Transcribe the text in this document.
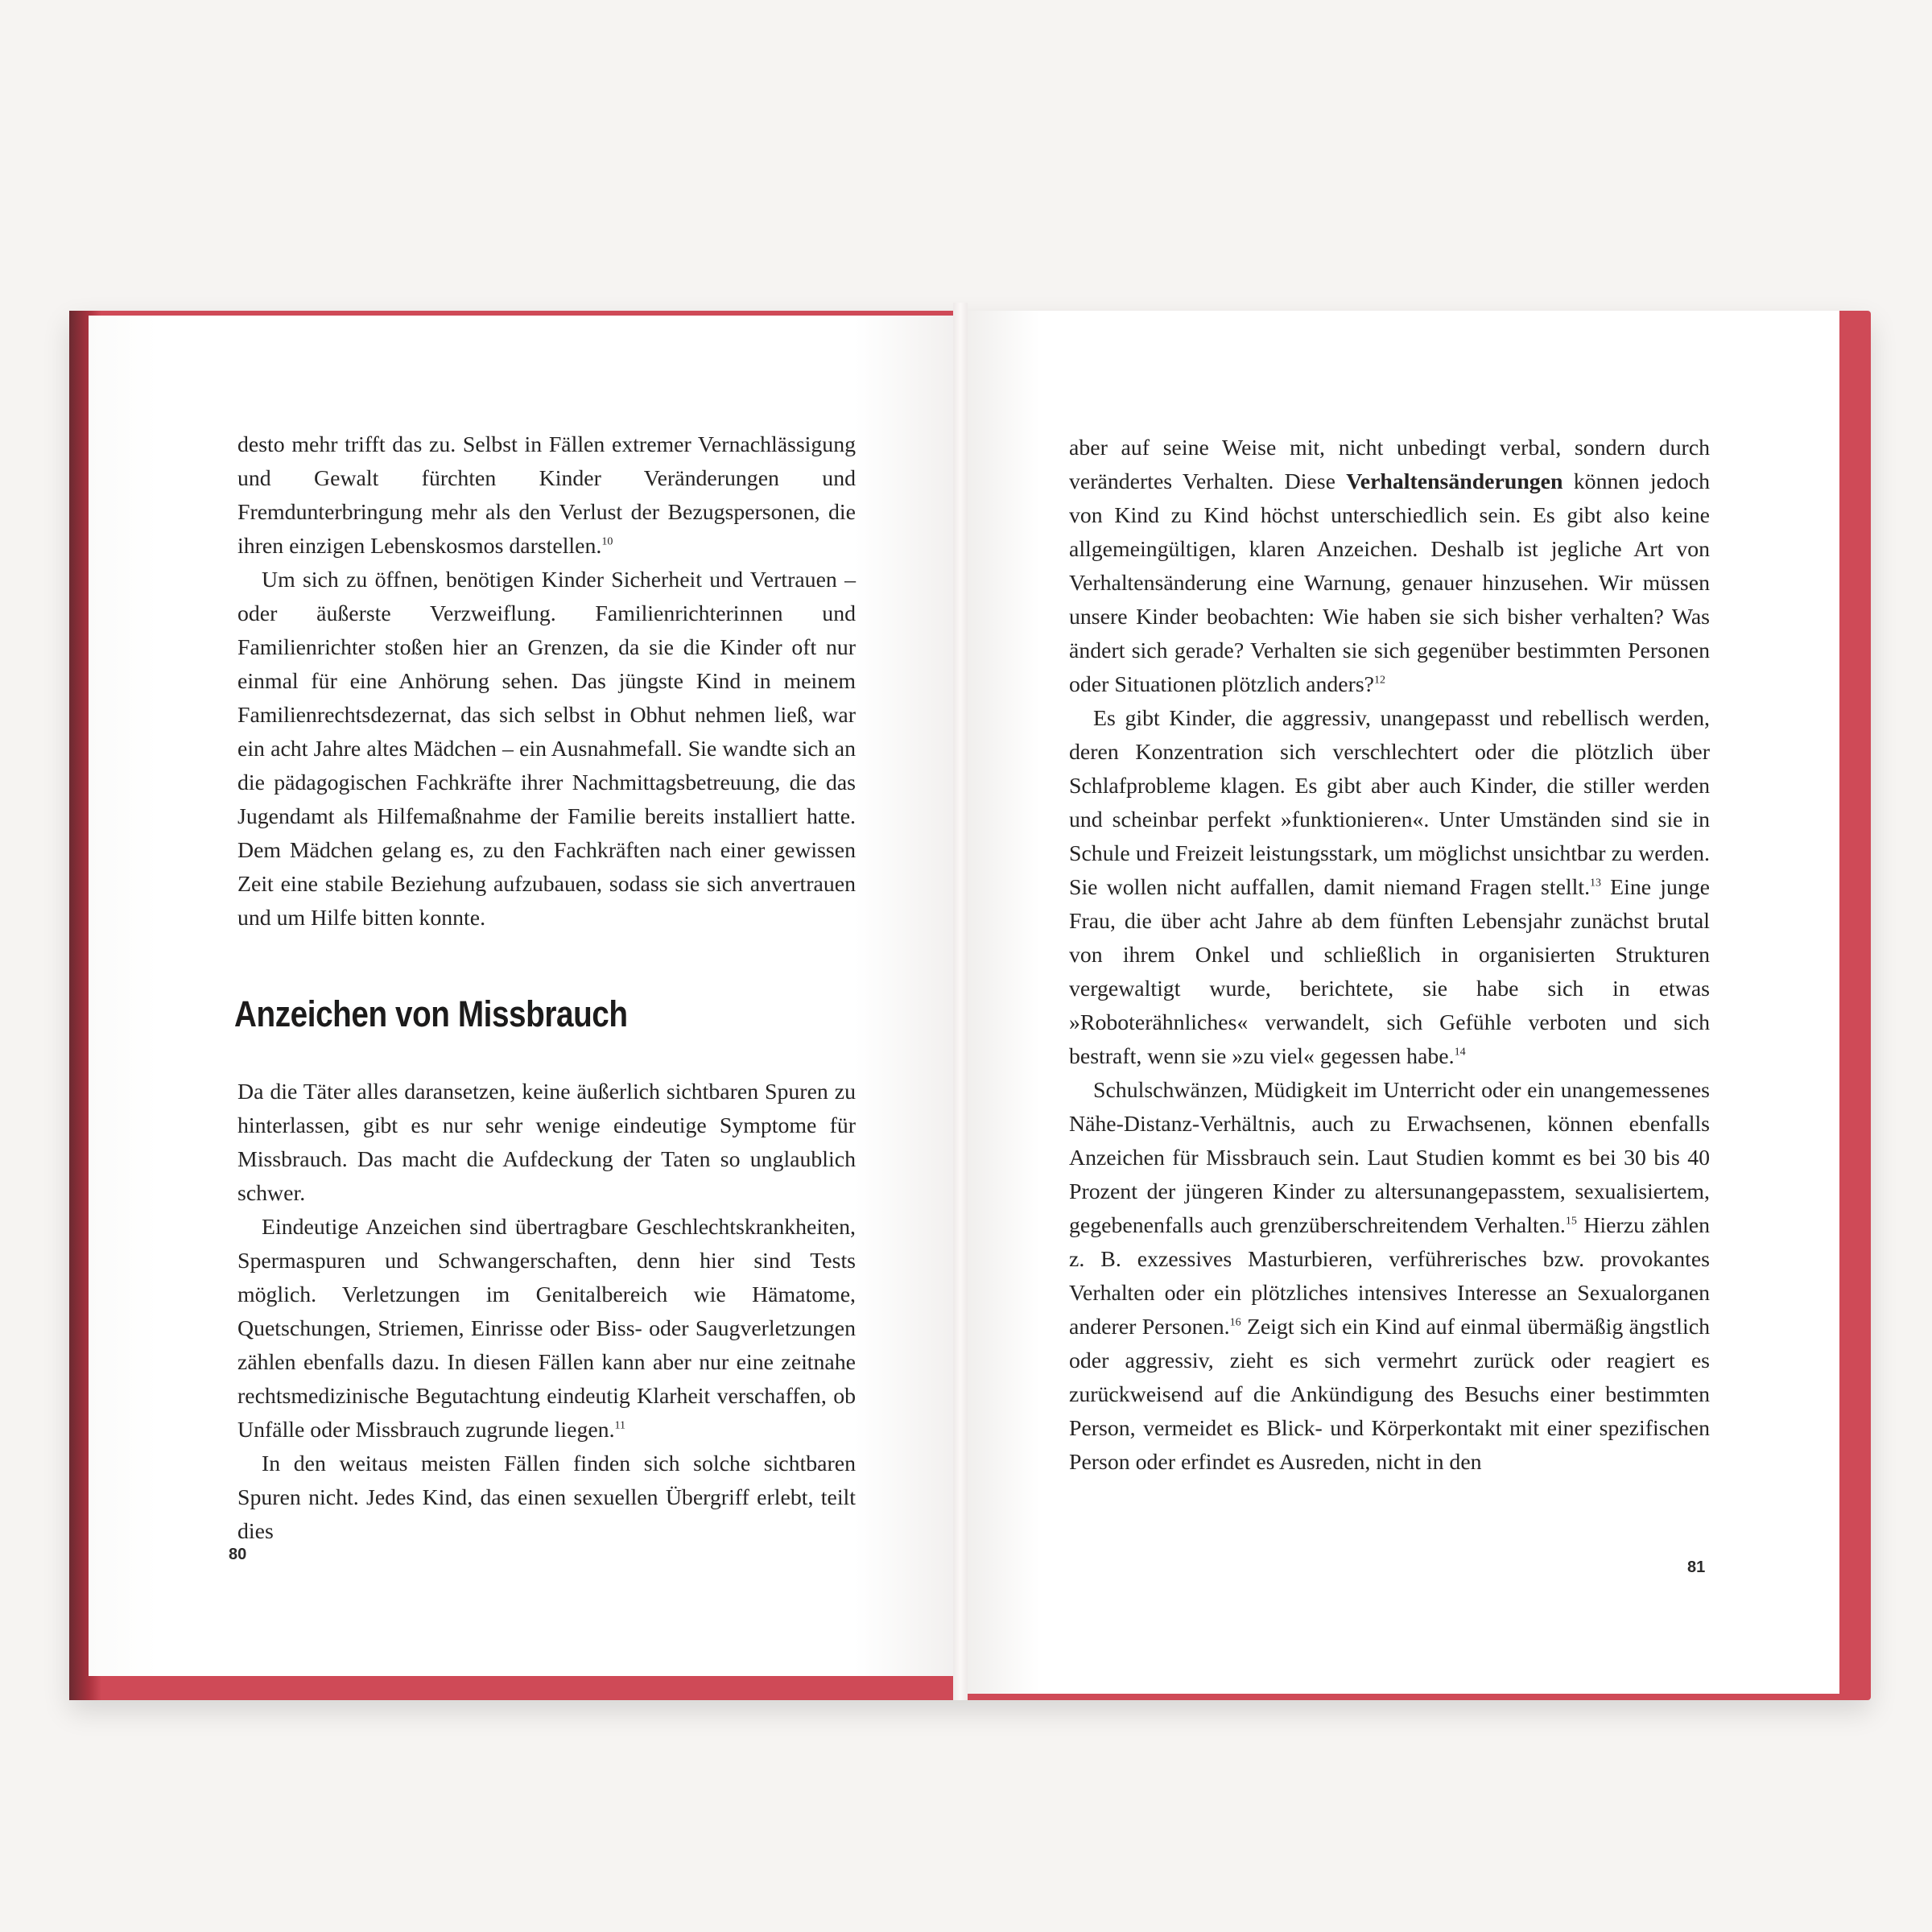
desto mehr trifft das zu. Selbst in Fällen extremer Vernachlässigung und Gewalt fürchten Kinder Veränderungen und Fremdunterbringung mehr als den Verlust der Bezugspersonen, die ihren einzigen Lebenskosmos darstellen.$^{10}$

Um sich zu öffnen, benötigen Kinder Sicherheit und Vertrauen – oder äußerste Verzweiflung. Familienrichterinnen und Familienrichter stoßen hier an Grenzen, da sie die Kinder oft nur einmal für eine Anhörung sehen. Das jüngste Kind in meinem Familienrechtsdezernat, das sich selbst in Obhut nehmen ließ, war ein acht Jahre altes Mädchen – ein Ausnahmefall. Sie wandte sich an die pädagogischen Fachkräfte ihrer Nachmittagsbetreuung, die das Jugendamt als Hilfemaßnahme der Familie bereits installiert hatte. Dem Mädchen gelang es, zu den Fachkräften nach einer gewissen Zeit eine stabile Beziehung aufzubauen, sodass sie sich anvertrauen und um Hilfe bitten konnte.

Anzeichen von Missbrauch

Da die Täter alles daransetzen, keine äußerlich sichtbaren Spuren zu hinterlassen, gibt es nur sehr wenige eindeutige Symptome für Missbrauch. Das macht die Aufdeckung der Taten so unglaublich schwer.

Eindeutige Anzeichen sind übertragbare Geschlechtskrankheiten, Spermaspuren und Schwangerschaften, denn hier sind Tests möglich. Verletzungen im Genitalbereich wie Hämatome, Quetschungen, Striemen, Einrisse oder Biss- oder Saugverletzungen zählen ebenfalls dazu. In diesen Fällen kann aber nur eine zeitnahe rechtsmedizinische Begutachtung eindeutig Klarheit verschaffen, ob Unfälle oder Missbrauch zugrunde liegen.$^{11}$

In den weitaus meisten Fällen finden sich solche sichtbaren Spuren nicht. Jedes Kind, das einen sexuellen Übergriff erlebt, teilt dies

80

aber auf seine Weise mit, nicht unbedingt verbal, sondern durch verändertes Verhalten. Diese Verhaltensänderungen können jedoch von Kind zu Kind höchst unterschiedlich sein. Es gibt also keine allgemeingültigen, klaren Anzeichen. Deshalb ist jegliche Art von Verhaltensänderung eine Warnung, genauer hinzusehen. Wir müssen unsere Kinder beobachten: Wie haben sie sich bisher verhalten? Was ändert sich gerade? Verhalten sie sich gegenüber bestimmten Personen oder Situationen plötzlich anders?$^{12}$

Es gibt Kinder, die aggressiv, unangepasst und rebellisch werden, deren Konzentration sich verschlechtert oder die plötzlich über Schlafprobleme klagen. Es gibt aber auch Kinder, die stiller werden und scheinbar perfekt »funktionieren«. Unter Umständen sind sie in Schule und Freizeit leistungsstark, um möglichst unsichtbar zu werden. Sie wollen nicht auffallen, damit niemand Fragen stellt.$^{13}$ Eine junge Frau, die über acht Jahre ab dem fünften Lebensjahr zunächst brutal von ihrem Onkel und schließlich in organisierten Strukturen vergewaltigt wurde, berichtete, sie habe sich in etwas »Roboterähnliches« verwandelt, sich Gefühle verboten und sich bestraft, wenn sie »zu viel« gegessen habe.$^{14}$

Schulschwänzen, Müdigkeit im Unterricht oder ein unangemessenes Nähe-Distanz-Verhältnis, auch zu Erwachsenen, können ebenfalls Anzeichen für Missbrauch sein. Laut Studien kommt es bei 30 bis 40 Prozent der jüngeren Kinder zu altersunangepasstem, sexualisiertem, gegebenenfalls auch grenzüberschreitendem Verhalten.$^{15}$ Hierzu zählen z. B. exzessives Masturbieren, verführerisches bzw. provokantes Verhalten oder ein plötzliches intensives Interesse an Sexualorganen anderer Personen.$^{16}$ Zeigt sich ein Kind auf einmal übermäßig ängstlich oder aggressiv, zieht es sich vermehrt zurück oder reagiert es zurückweisend auf die Ankündigung des Besuchs einer bestimmten Person, vermeidet es Blick- und Körperkontakt mit einer spezifischen Person oder erfindet es Ausreden, nicht in den

81
